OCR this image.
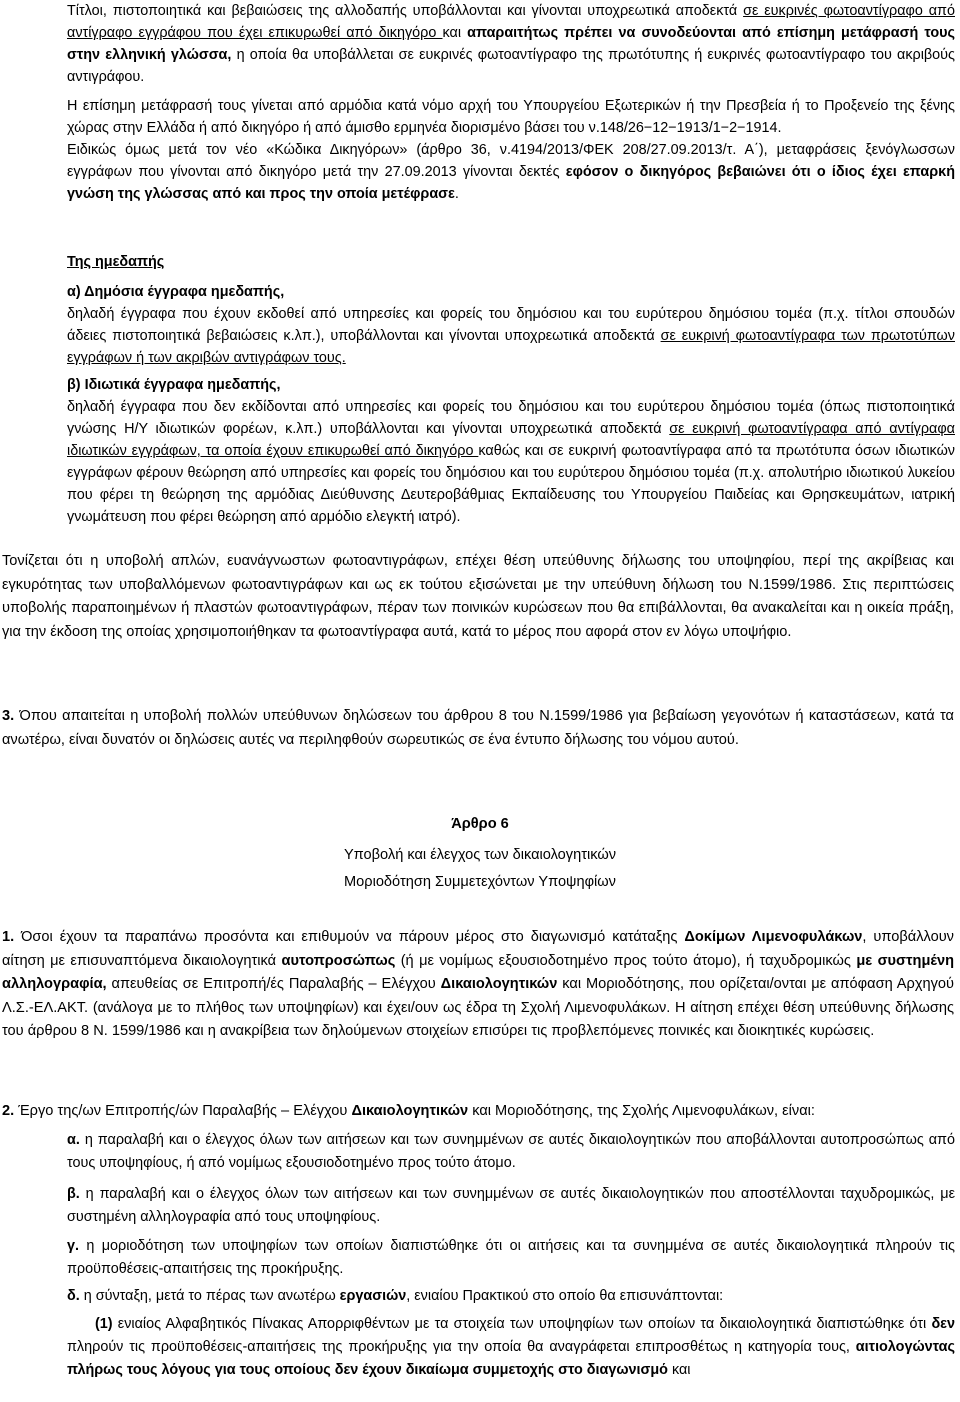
Τίτλοι, πιστοποιητικά και βεβαιώσεις της αλλοδαπής υποβάλλονται και γίνονται υποχρεωτικά αποδεκτά σε ευκρινές φωτοαντίγραφο από αντίγραφο εγγράφου που έχει επικυρωθεί από δικηγόρο και απαραιτήτως πρέπει να συνοδεύονται από επίσημη μετάφρασή τους στην ελληνική γλώσσα, η οποία θα υποβάλλεται σε ευκρινές φωτοαντίγραφο της πρωτότυπης ή ευκρινές φωτοαντίγραφο του ακριβούς αντιγράφου.

Η επίσημη μετάφρασή τους γίνεται από αρμόδια κατά νόμο αρχή του Υπουργείου Εξωτερικών ή την Πρεσβεία ή το Προξενείο της ξένης χώρας στην Ελλάδα ή από δικηγόρο ή από άμισθο ερμηνέα διορισμένο βάσει του ν.148/26−12−1913/1−2−1914.

Ειδικώς όμως μετά τον νέο «Κώδικα Δικηγόρων» (άρθρο 36, ν.4194/2013/ΦΕΚ 208/27.09.2013/τ. Α΄), μεταφράσεις ξενόγλωσσων εγγράφων που γίνονται από δικηγόρο μετά την 27.09.2013 γίνονται δεκτές εφόσον ο δικηγόρος βεβαιώνει ότι ο ίδιος έχει επαρκή γνώση της γλώσσας από και προς την οποία μετέφρασε.

Της ημεδαπής

α) Δημόσια έγγραφα ημεδαπής,

δηλαδή έγγραφα που έχουν εκδοθεί από υπηρεσίες και φορείς του δημόσιου και του ευρύτερου δημόσιου τομέα (π.χ. τίτλοι σπουδών άδειες πιστοποιητικά βεβαιώσεις κ.λπ.), υποβάλλονται και γίνονται υποχρεωτικά αποδεκτά σε ευκρινή φωτοαντίγραφα των πρωτοτύπων εγγράφων ή των ακριβών αντιγράφων τους.

β) Ιδιωτικά έγγραφα ημεδαπής,

δηλαδή έγγραφα που δεν εκδίδονται από υπηρεσίες και φορείς του δημόσιου και του ευρύτερου δημόσιου τομέα (όπως πιστοποιητικά γνώσης Η/Υ ιδιωτικών φορέων, κ.λπ.) υποβάλλονται και γίνονται υποχρεωτικά αποδεκτά σε ευκρινή φωτοαντίγραφα από αντίγραφα ιδιωτικών εγγράφων, τα οποία έχουν επικυρωθεί από δικηγόρο καθώς και σε ευκρινή φωτοαντίγραφα από τα πρωτότυπα όσων ιδιωτικών εγγράφων φέρουν θεώρηση από υπηρεσίες και φορείς του δημόσιου και του ευρύτερου δημόσιου τομέα (π.χ. απολυτήριο ιδιωτικού λυκείου που φέρει τη θεώρηση της αρμόδιας Διεύθυνσης Δευτεροβάθμιας Εκπαίδευσης του Υπουργείου Παιδείας και Θρησκευμάτων, ιατρική γνωμάτευση που φέρει θεώρηση από αρμόδιο ελεγκτή ιατρό).

Τονίζεται ότι η υποβολή απλών, ευανάγνωστων φωτοαντιγράφων, επέχει θέση υπεύθυνης δήλωσης του υποψηφίου, περί της ακρίβειας και εγκυρότητας των υποβαλλόμενων φωτοαντιγράφων και ως εκ τούτου εξισώνεται με την υπεύθυνη δήλωση του Ν.1599/1986. Στις περιπτώσεις υποβολής παραποιημένων ή πλαστών φωτοαντιγράφων, πέραν των ποινικών κυρώσεων που θα επιβάλλονται, θα ανακαλείται και η οικεία πράξη, για την έκδοση της οποίας χρησιμοποιήθηκαν τα φωτοαντίγραφα αυτά, κατά το μέρος που αφορά στον εν λόγω υποψήφιο.

3. Όπου απαιτείται η υποβολή πολλών υπεύθυνων δηλώσεων του άρθρου 8 του Ν.1599/1986 για βεβαίωση γεγονότων ή καταστάσεων, κατά τα ανωτέρω, είναι δυνατόν οι δηλώσεις αυτές να περιληφθούν σωρευτικώς σε ένα έντυπο δήλωσης του νόμου αυτού.

Άρθρο 6
Υποβολή και έλεγχος των δικαιολογητικών
Μοριοδότηση Συμμετεχόντων Υποψηφίων

1. Όσοι έχουν τα παραπάνω προσόντα και επιθυμούν να πάρουν μέρος στο διαγωνισμό κατάταξης Δοκίμων Λιμενοφυλάκων, υποβάλλουν αίτηση με επισυναπτόμενα δικαιολογητικά αυτοπροσώπως (ή με νομίμως εξουσιοδοτημένο προς τούτο άτομο), ή ταχυδρομικώς με συστημένη αλληλογραφία, απευθείας σε Επιτροπή/ές Παραλαβής – Ελέγχου Δικαιολογητικών και Μοριοδότησης, που ορίζεται/ονται με απόφαση Αρχηγού Λ.Σ.-ΕΛ.ΑΚΤ. (ανάλογα με το πλήθος των υποψηφίων) και έχει/ουν ως έδρα τη Σχολή Λιμενοφυλάκων. Η αίτηση επέχει θέση υπεύθυνης δήλωσης του άρθρου 8 Ν. 1599/1986 και η ανακρίβεια των δηλούμενων στοιχείων επισύρει τις προβλεπόμενες ποινικές και διοικητικές κυρώσεις.

2. Έργο της/ων Επιτροπής/ών Παραλαβής – Ελέγχου Δικαιολογητικών και Μοριοδότησης, της Σχολής Λιμενοφυλάκων, είναι:

α. η παραλαβή και ο έλεγχος όλων των αιτήσεων και των συνημμένων σε αυτές δικαιολογητικών που αποβάλλονται αυτοπροσώπως από τους υποψηφίους, ή από νομίμως εξουσιοδοτημένο προς τούτο άτομο.

β. η παραλαβή και ο έλεγχος όλων των αιτήσεων και των συνημμένων σε αυτές δικαιολογητικών που αποστέλλονται ταχυδρομικώς, με συστημένη αλληλογραφία από τους υποψηφίους.

γ. η μοριοδότηση των υποψηφίων των οποίων διαπιστώθηκε ότι οι αιτήσεις και τα συνημμένα σε αυτές δικαιολογητικά πληρούν τις προϋποθέσεις-απαιτήσεις της προκήρυξης.

δ. η σύνταξη, μετά το πέρας των ανωτέρω εργασιών, ενιαίου Πρακτικού στο οποίο θα επισυνάπτονται:

(1) ενιαίος Αλφαβητικός Πίνακας Απορριφθέντων με τα στοιχεία των υποψηφίων των οποίων τα δικαιολογητικά διαπιστώθηκε ότι δεν πληρούν τις προϋποθέσεις-απαιτήσεις της προκήρυξης για την οποία θα αναγράφεται επιπροσθέτως η κατηγορία τους, αιτιολογώντας πλήρως τους λόγους για τους οποίους δεν έχουν δικαίωμα συμμετοχής στο διαγωνισμό και
